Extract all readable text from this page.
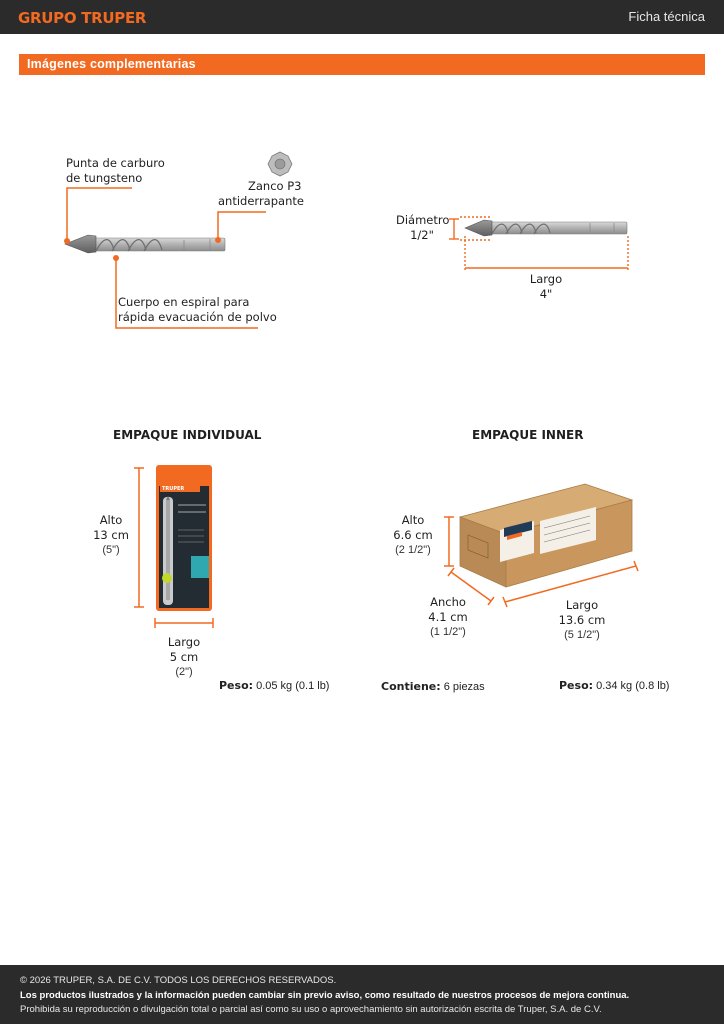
GRUPO TRUPER	Ficha técnica
Imágenes complementarias
TRUPER
Punta de carburo
de tungsteno
Zanco P3
antiderrapante
Cuerpo en espiral para
rápida evacuación de polvo
Diámetro
1/2"
Largo
4"
EMPAQUE INDIVIDUAL
Alto
13 cm
(5")
Largo
5 cm
(2")
Peso: 0.05 kg (0.1 lb)
EMPAQUE INNER
Alto
6.6 cm
(2 1/2")
Ancho
4.1 cm
(1 1/2")
Largo
13.6 cm
(5 1/2")
Contiene: 6 piezas	Peso: 0.34 kg (0.8 lb)
© 2026 TRUPER, S.A. DE C.V. TODOS LOS DERECHOS RESERVADOS.
Los productos ilustrados y la información pueden cambiar sin previo aviso, como resultado de nuestros procesos de mejora continua.
Prohibida su reproducción o divulgación total o parcial así como su uso o aprovechamiento sin autorización escrita de Truper, S.A. de C.V.
